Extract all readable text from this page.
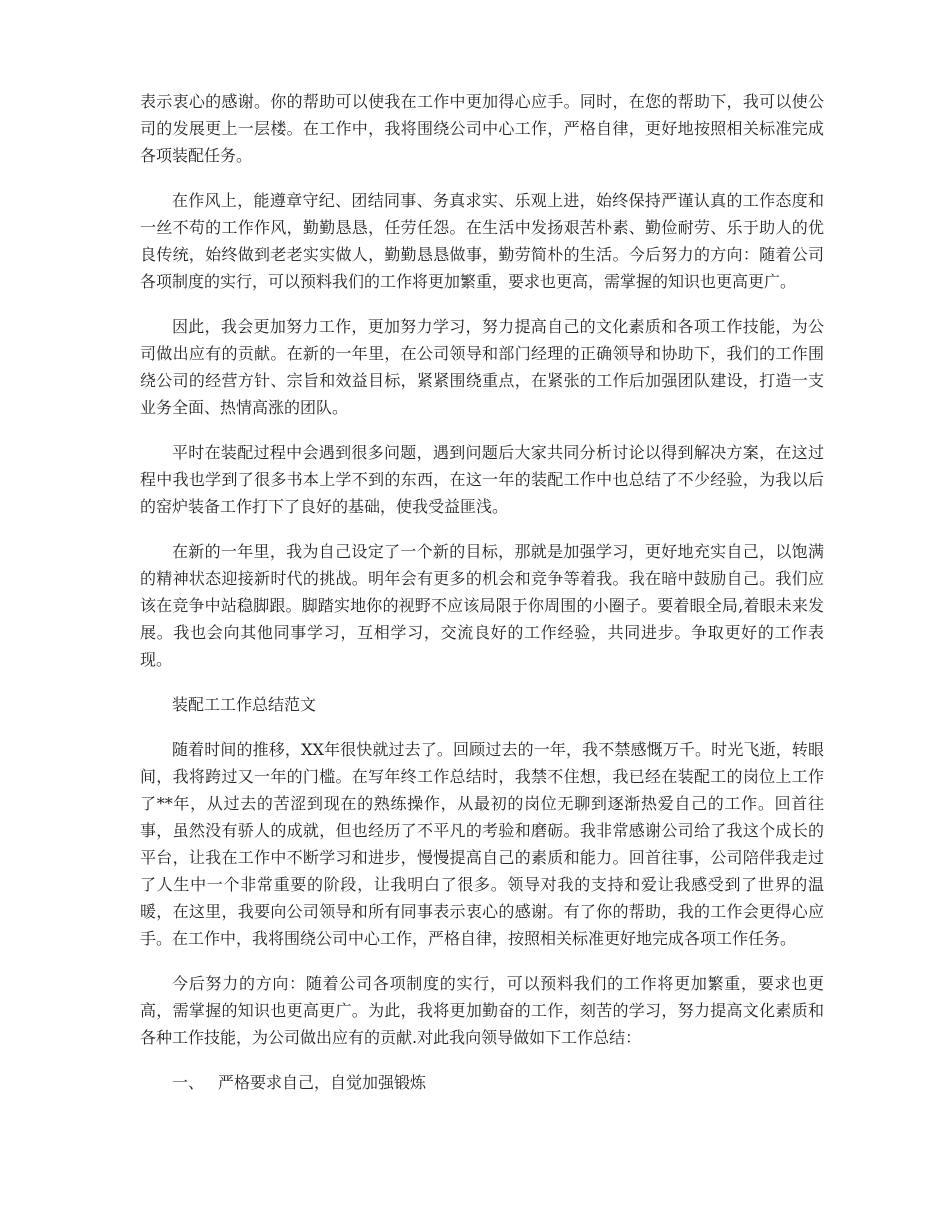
表示衷心的感谢。你的帮助可以使我在工作中更加得心应手。同时，在您的帮助下，我可以使公司的发展更上一层楼。在工作中，我将围绕公司中心工作，严格自律，更好地按照相关标准完成各项装配任务。

在作风上，能遵章守纪、团结同事、务真求实、乐观上进，始终保持严谨认真的工作态度和一丝不苟的工作作风，勤勤恳恳，任劳任怨。在生活中发扬艰苦朴素、勤俭耐劳、乐于助人的优良传统，始终做到老老实实做人，勤勤恳恳做事，勤劳简朴的生活。今后努力的方向：随着公司各项制度的实行，可以预料我们的工作将更加繁重，要求也更高，需掌握的知识也更高更广。

因此，我会更加努力工作，更加努力学习，努力提高自己的文化素质和各项工作技能，为公司做出应有的贡献。在新的一年里，在公司领导和部门经理的正确领导和协助下，我们的工作围绕公司的经营方针、宗旨和效益目标，紧紧围绕重点，在紧张的工作后加强团队建设，打造一支业务全面、热情高涨的团队。

平时在装配过程中会遇到很多问题，遇到问题后大家共同分析讨论以得到解决方案，在这过程中我也学到了很多书本上学不到的东西，在这一年的装配工作中也总结了不少经验，为我以后的窑炉装备工作打下了良好的基础，使我受益匪浅。

在新的一年里，我为自己设定了一个新的目标，那就是加强学习，更好地充实自己，以饱满的精神状态迎接新时代的挑战。明年会有更多的机会和竞争等着我。我在暗中鼓励自己。我们应该在竞争中站稳脚跟。脚踏实地你的视野不应该局限于你周围的小圈子。要着眼全局,着眼未来发展。我也会向其他同事学习，互相学习，交流良好的工作经验，共同进步。争取更好的工作表现。

装配工工作总结范文

随着时间的推移，XX年很快就过去了。回顾过去的一年，我不禁感慨万千。时光飞逝，转眼间，我将跨过又一年的门槛。在写年终工作总结时，我禁不住想，我已经在装配工的岗位上工作了**年，从过去的苦涩到现在的熟练操作，从最初的岗位无聊到逐渐热爱自己的工作。回首往事，虽然没有骄人的成就，但也经历了不平凡的考验和磨砺。我非常感谢公司给了我这个成长的平台，让我在工作中不断学习和进步，慢慢提高自己的素质和能力。回首往事，公司陪伴我走过了人生中一个非常重要的阶段，让我明白了很多。领导对我的支持和爱让我感受到了世界的温暖，在这里，我要向公司领导和所有同事表示衷心的感谢。有了你的帮助，我的工作会更得心应手。在工作中，我将围绕公司中心工作，严格自律，按照相关标准更好地完成各项工作任务。

今后努力的方向：随着公司各项制度的实行，可以预料我们的工作将更加繁重，要求也更高，需掌握的知识也更高更广。为此，我将更加勤奋的工作，刻苦的学习，努力提高文化素质和各种工作技能，为公司做出应有的贡献.对此我向领导做如下工作总结：

一、 严格要求自己，自觉加强锻炼
